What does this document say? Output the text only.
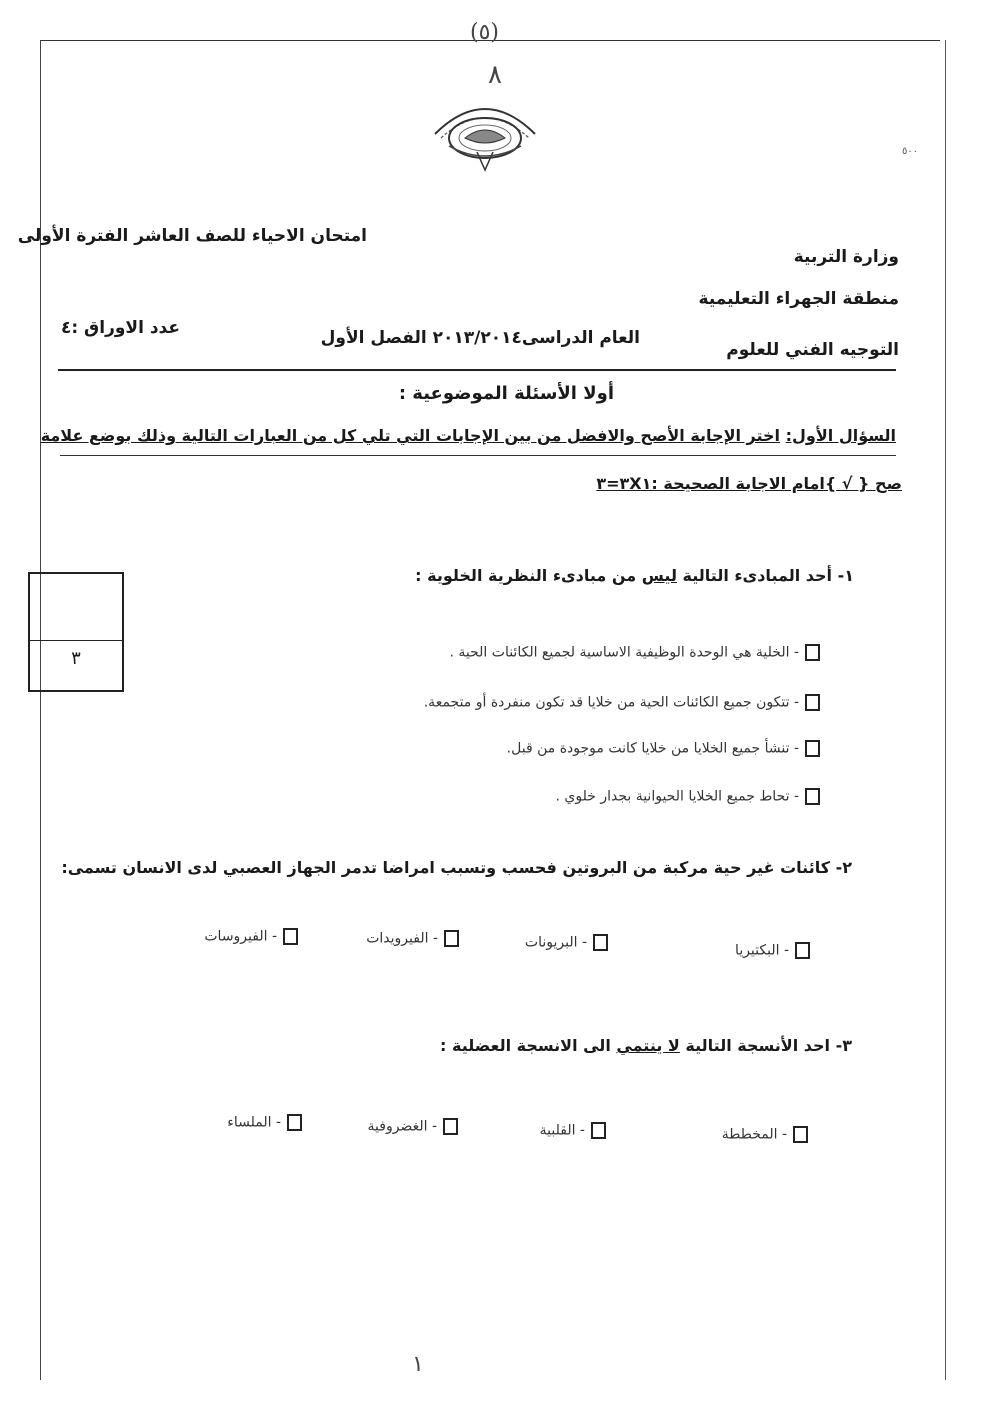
(٥)
٨
٥٠٠
امتحان الاحياء للصف العاشر الفترة الأولى
وزارة التربية
منطقة الجهراء التعليمية
التوجيه الفني للعلوم
العام الدراسى٢٠١٣/٢٠١٤ الفصل الأول
عدد الاوراق :٤
أولا الأسئلة الموضوعية :
السؤال الأول: اختر الإجابة الأصح والافضل من بين الإجابات التي تلي كل من العبارات التالية وذلك بوضع علامة
صح { √ }امام الاجابة الصحيحة :٣X١=٣
٣
١- أحد المبادىء التالية ليس من مبادىء النظرية الخلوية :
- الخلية هي الوحدة الوظيفية الاساسية لجميع الكائنات الحية .
- تتكون جميع الكائنات الحية من خلايا قد تكون منفردة أو متجمعة.
- تنشأ جميع الخلايا من خلايا كانت موجودة من قبل.
- تحاط جميع الخلايا الحيوانية بجدار خلوي .
٢- كائنات غير حية مركبة من البروتين فحسب وتسبب امراضا تدمر الجهاز العصبي لدى الانسان تسمى:
- البكتيريا
- البريونات
- الفيرويدات
- الفيروسات
٣- احد الأنسجة التالية لا ينتمي الى الانسجة العضلية :
- المخططة
- القلبية
- الغضروفية
- الملساء
١
